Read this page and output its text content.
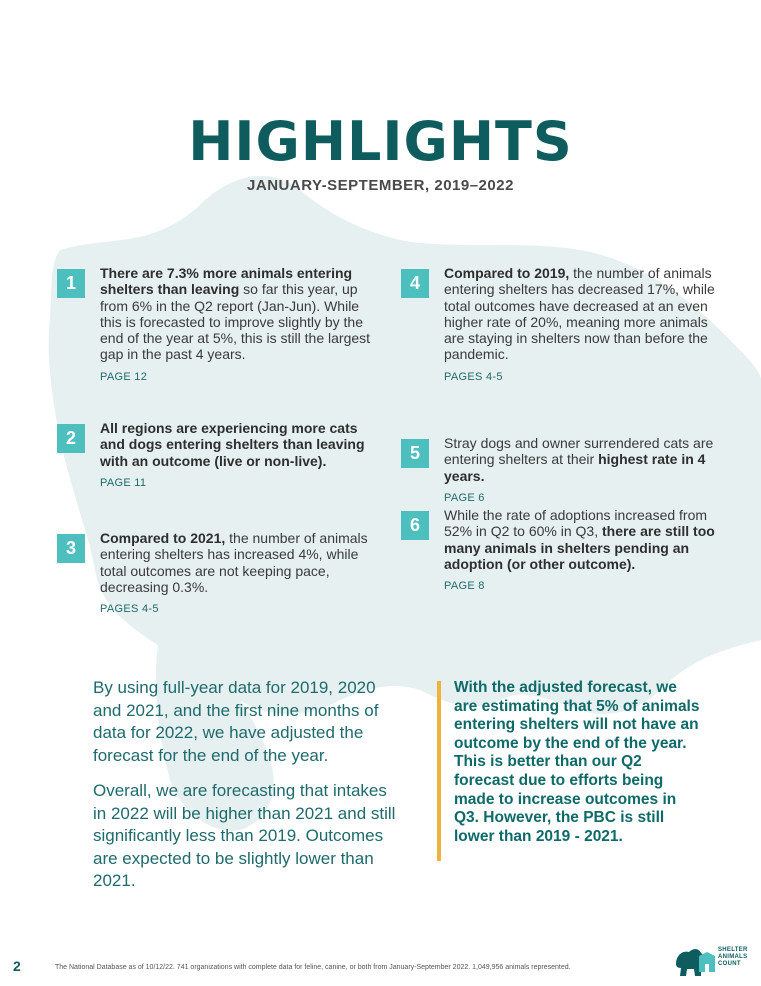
HIGHLIGHTS
JANUARY-SEPTEMBER, 2019–2022
1	There are 7.3% more animals entering shelters than leaving so far this year, up from 6% in the Q2 report (Jan-Jun). While this is forecasted to improve slightly by the end of the year at 5%, this is still the largest gap in the past 4 years.
PAGE 12
2	All regions are experiencing more cats and dogs entering shelters than leaving with an outcome (live or non-live).
PAGE 11
3	Compared to 2021, the number of animals entering shelters has increased 4%, while total outcomes are not keeping pace, decreasing 0.3%.
PAGES 4-5
4	Compared to 2019, the number of animals entering shelters has decreased 17%, while total outcomes have decreased at an even higher rate of 20%, meaning more animals are staying in shelters now than before the pandemic.
PAGES 4-5
5	Stray dogs and owner surrendered cats are entering shelters at their highest rate in 4 years.
PAGE 6
6	While the rate of adoptions increased from 52% in Q2 to 60% in Q3, there are still too many animals in shelters pending an adoption (or other outcome).
PAGE 8

By using full-year data for 2019, 2020 and 2021, and the first nine months of data for 2022, we have adjusted the forecast for the end of the year.

Overall, we are forecasting that intakes in 2022 will be higher than 2021 and still significantly less than 2019. Outcomes are expected to be slightly lower than 2021.

With the adjusted forecast, we are estimating that 5% of animals entering shelters will not have an outcome by the end of the year. This is better than our Q2 forecast due to efforts being made to increase outcomes in Q3. However, the PBC is still lower than 2019 - 2021.
2	The National Database as of 10/12/22. 741 organizations with complete data for feline, canine, or both from January-September 2022. 1,049,956 animals represented.
SHELTER
ANIMALS
COUNT
